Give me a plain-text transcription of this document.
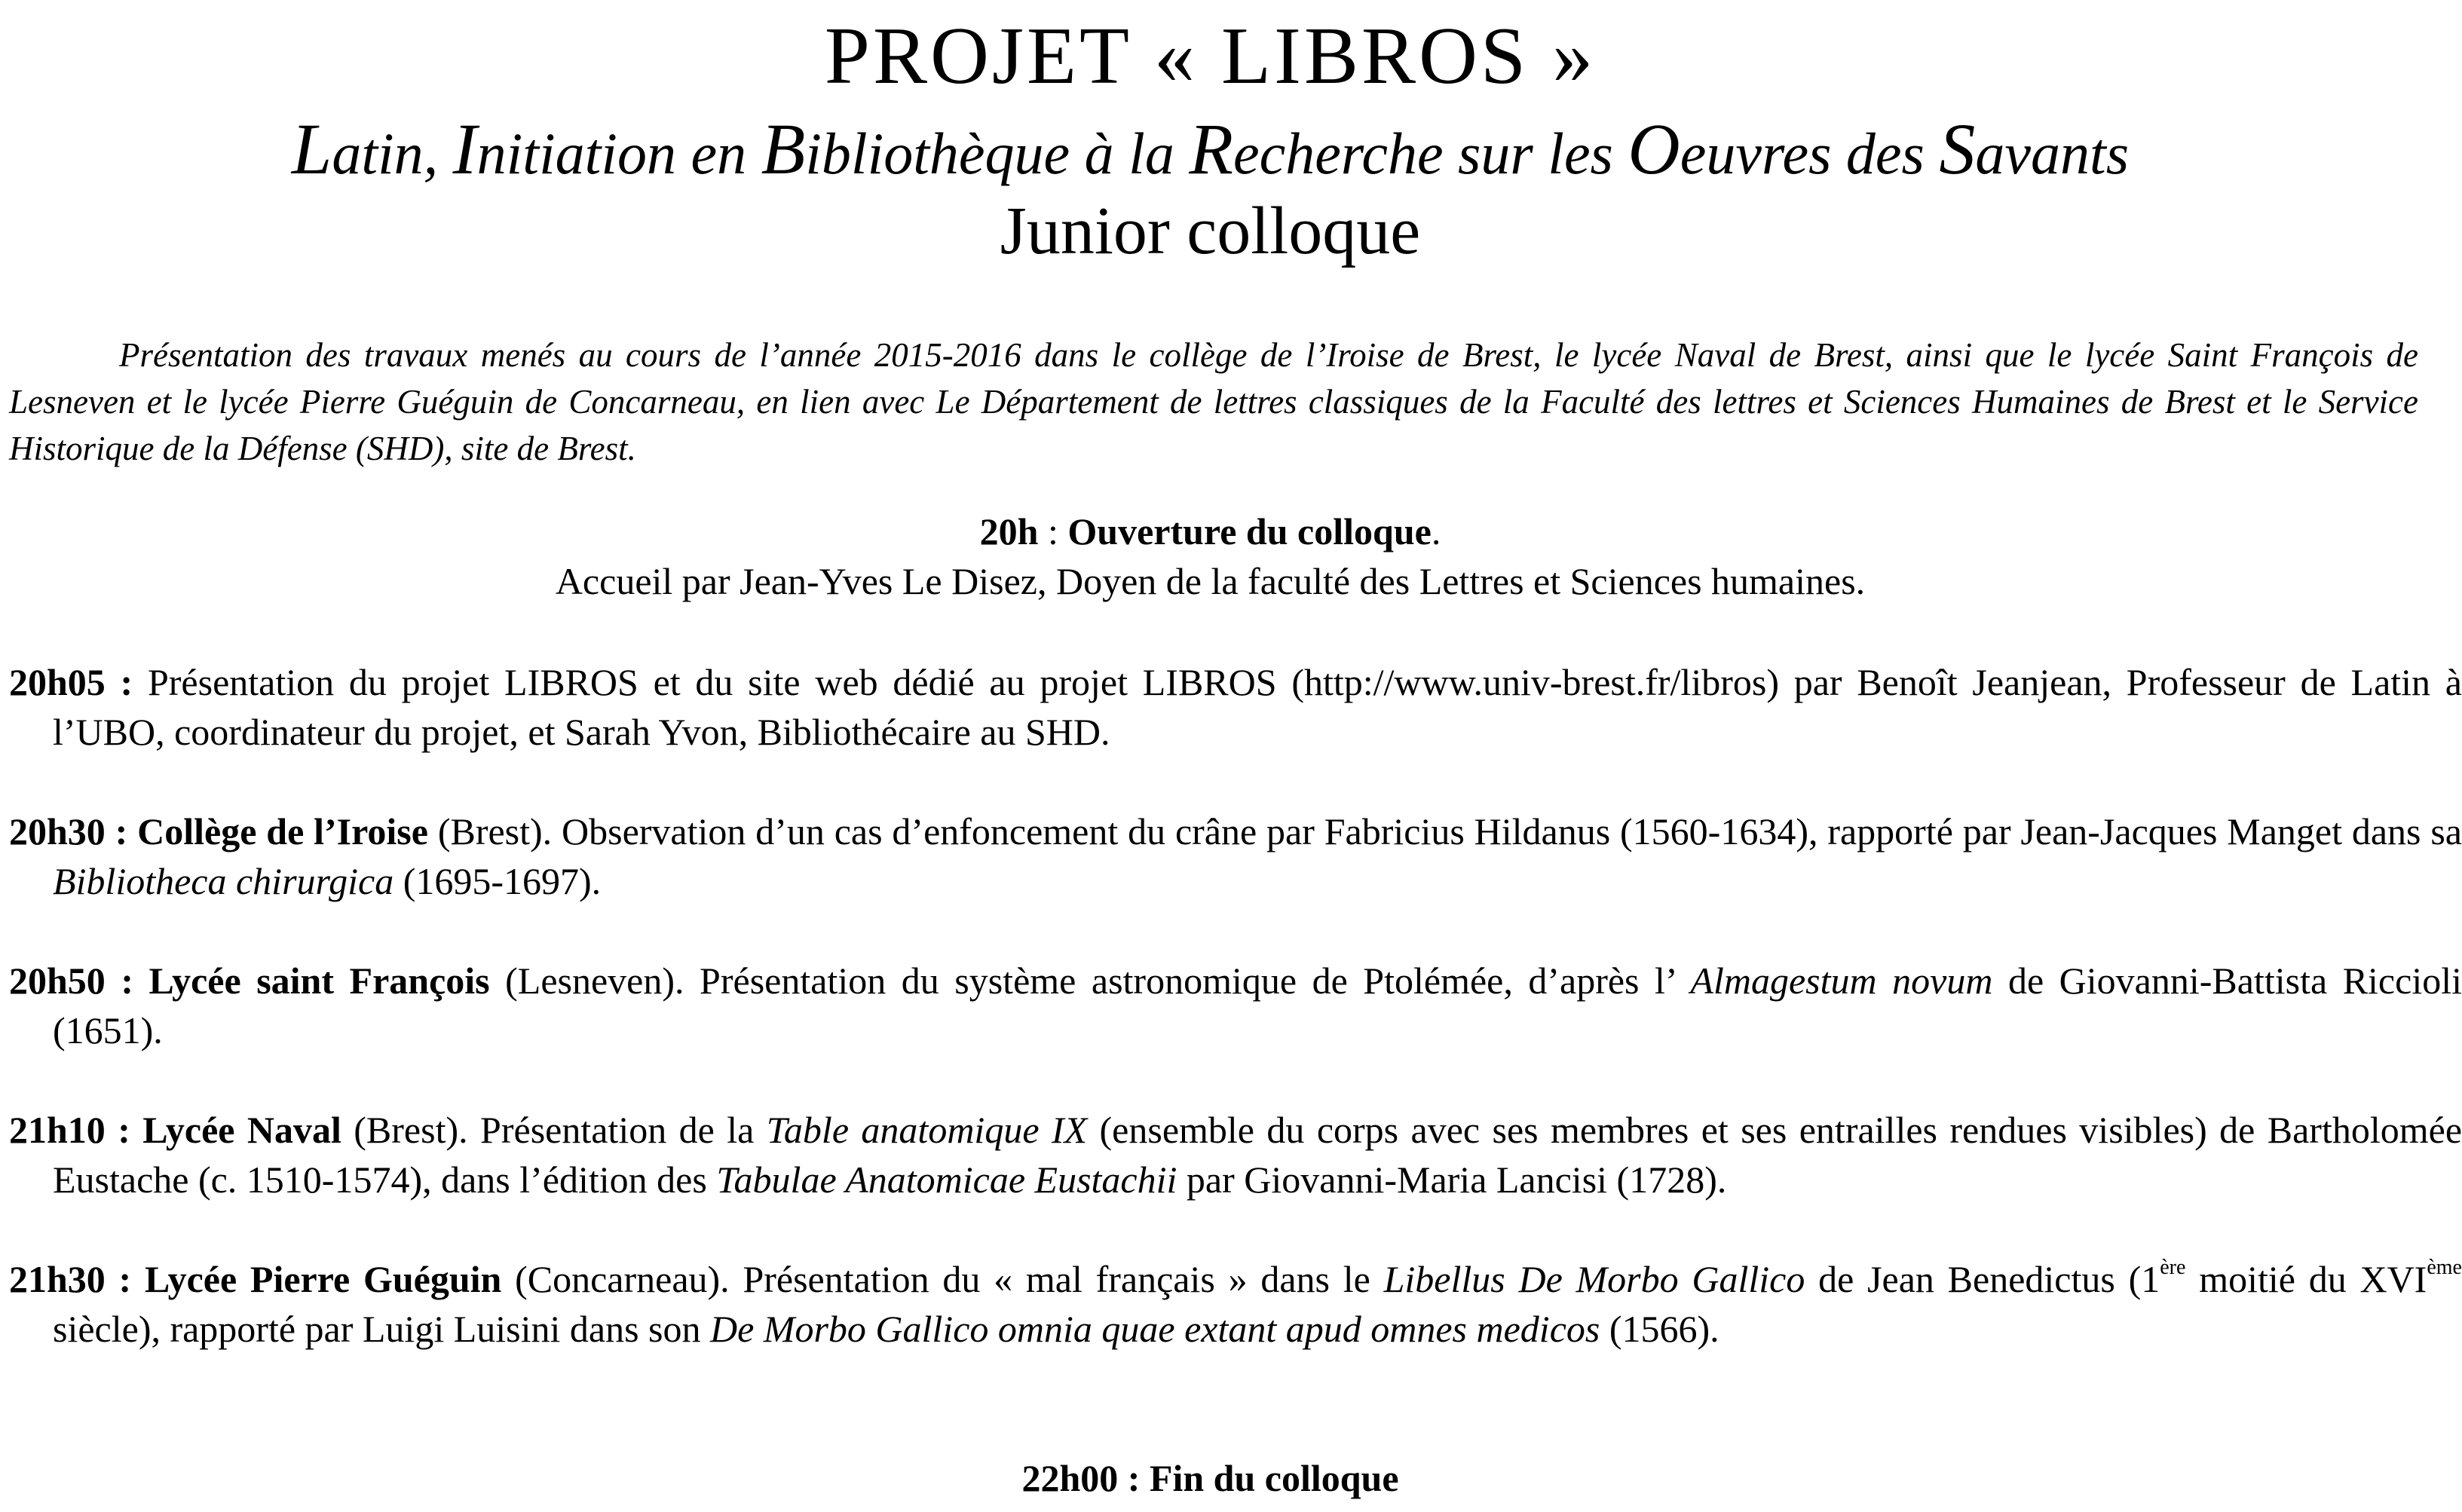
PROJET « LIBROS »
Latin, Initiation en Bibliothèque à la Recherche sur les Oeuvres des Savants
Junior colloque

Présentation des travaux menés au cours de l’année 2015-2016 dans le collège de l’Iroise de Brest, le lycée Naval de Brest, ainsi que le lycée Saint François de Lesneven et le lycée Pierre Guéguin de Concarneau, en lien avec Le Département de lettres classiques de la Faculté des lettres et Sciences Humaines de Brest et le Service Historique de la Défense (SHD), site de Brest.

20h : Ouverture du colloque.

Accueil par Jean-Yves Le Disez, Doyen de la faculté des Lettres et Sciences humaines.

20h05 : Présentation du projet LIBROS et du site web dédié au projet LIBROS (http://www.univ-brest.fr/libros) par Benoît Jeanjean, Professeur de Latin à l’UBO, coordinateur du projet, et Sarah Yvon, Bibliothécaire au SHD.

20h30 : Collège de l’Iroise (Brest). Observation d’un cas d’enfoncement du crâne par Fabricius Hildanus (1560-1634), rapporté par Jean-Jacques Manget dans sa Bibliotheca chirurgica (1695-1697).

20h50 : Lycée saint François (Lesneven). Présentation du système astronomique de Ptolémée, d’après l’ Almagestum novum de Giovanni-Battista Riccioli (1651).

21h10 : Lycée Naval (Brest). Présentation de la Table anatomique IX (ensemble du corps avec ses membres et ses entrailles rendues visibles) de Bartholomée Eustache (c. 1510-1574), dans l’édition des Tabulae Anatomicae Eustachii par Giovanni-Maria Lancisi (1728).

21h30 : Lycée Pierre Guéguin (Concarneau). Présentation du « mal français » dans le Libellus De Morbo Gallico de Jean Benedictus (1ère moitié du XVIème siècle), rapporté par Luigi Luisini dans son De Morbo Gallico omnia quae extant apud omnes medicos (1566).

22h00 : Fin du colloque
